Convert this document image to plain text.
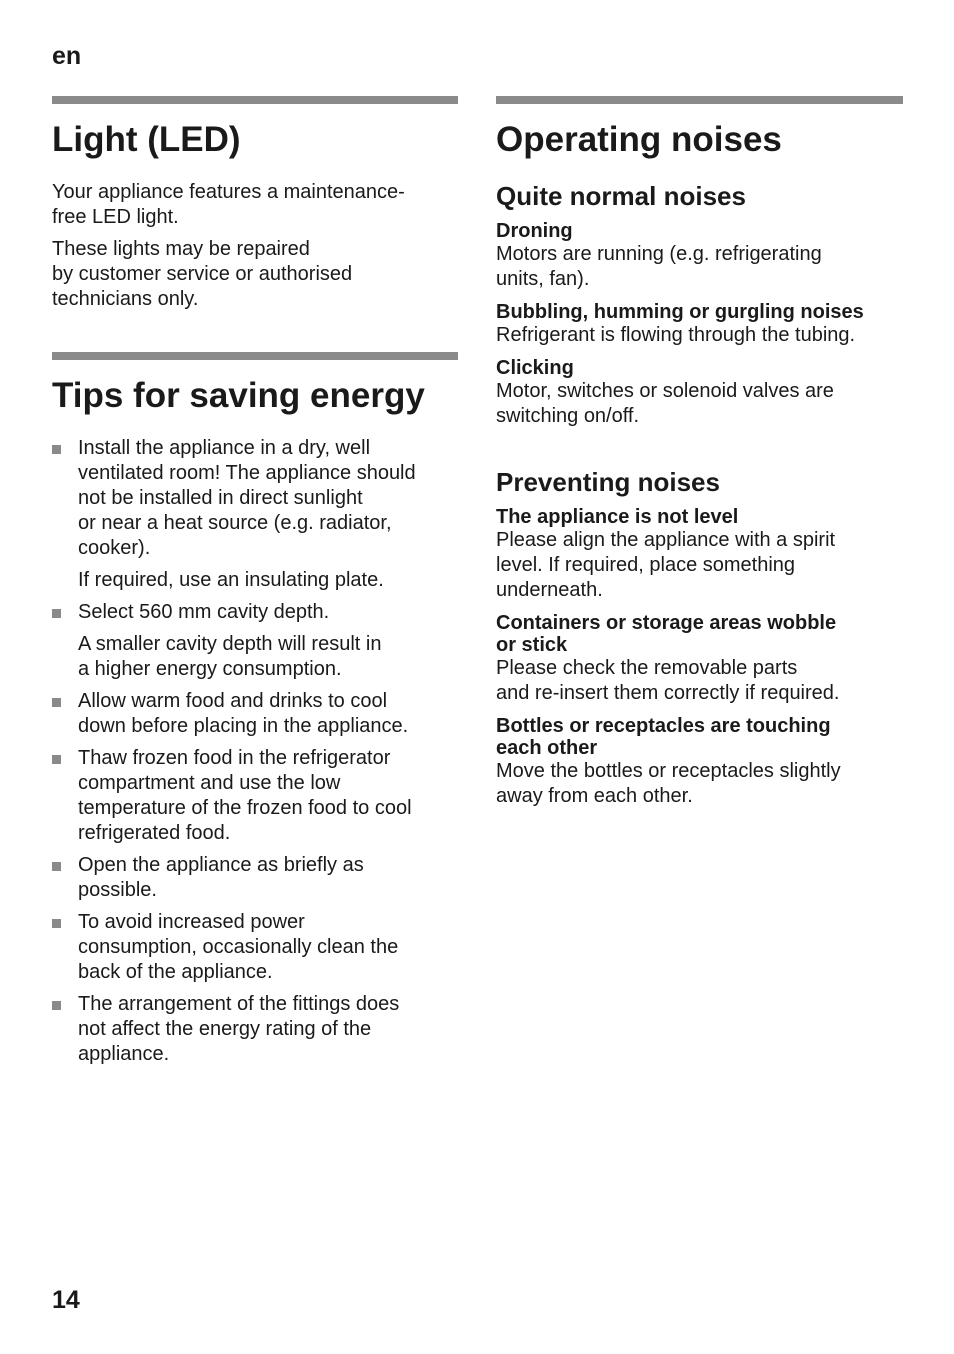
en
Light (LED)

Your appliance features a maintenance-
free LED light.

These lights may be repaired
by customer service or authorised
technicians only.

Tips for saving energy
Install the appliance in a dry, well
ventilated room! The appliance should
not be installed in direct sunlight
or near a heat source (e.g. radiator,
cooker).
If required, use an insulating plate.
Select 560 mm cavity depth.
A smaller cavity depth will result in
a higher energy consumption.
Allow warm food and drinks to cool
down before placing in the appliance.
Thaw frozen food in the refrigerator
compartment and use the low
temperature of the frozen food to cool
refrigerated food.
Open the appliance as briefly as
possible.
To avoid increased power
consumption, occasionally clean the
back of the appliance.
The arrangement of the fittings does
not affect the energy rating of the
appliance.
Operating noises
Quite normal noises
Droning

Motors are running (e.g. refrigerating
units, fan).

Bubbling, humming or gurgling noises

Refrigerant is flowing through the tubing.

Clicking

Motor, switches or solenoid valves are
switching on/off.

Preventing noises
The appliance is not level

Please align the appliance with a spirit
level. If required, place something
underneath.

Containers or storage areas wobble
or stick

Please check the removable parts
and re-insert them correctly if required.

Bottles or receptacles are touching
each other

Move the bottles or receptacles slightly
away from each other.

14
